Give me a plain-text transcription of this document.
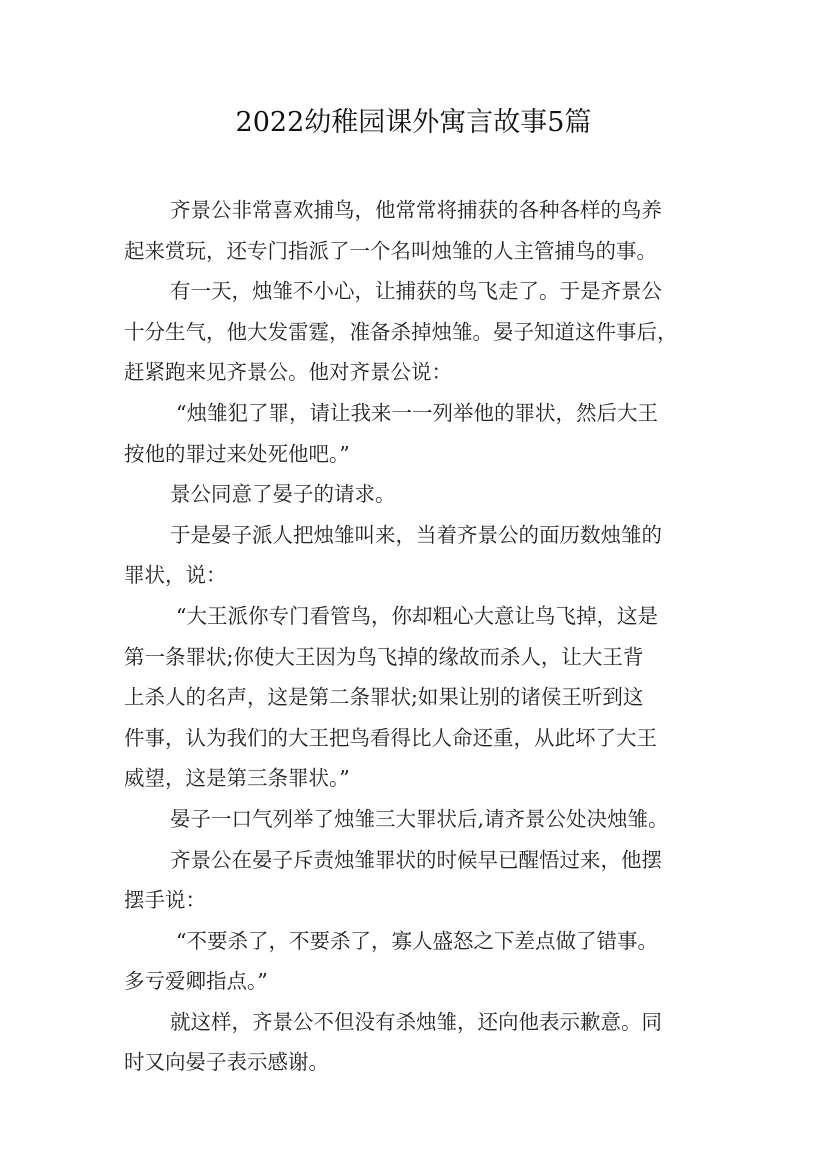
2022幼稚园课外寓言故事5篇
齐景公非常喜欢捕鸟，他常常将捕获的各种各样的鸟养
起来赏玩，还专门指派了一个名叫烛雏的人主管捕鸟的事。
有一天，烛雏不小心，让捕获的鸟飞走了。于是齐景公
十分生气，他大发雷霆，准备杀掉烛雏。晏子知道这件事后，
赶紧跑来见齐景公。他对齐景公说：
“烛雏犯了罪，请让我来一一列举他的罪状，然后大王
按他的罪过来处死他吧。”
景公同意了晏子的请求。
于是晏子派人把烛雏叫来，当着齐景公的面历数烛雏的
罪状，说：
“大王派你专门看管鸟，你却粗心大意让鸟飞掉，这是
第一条罪状;你使大王因为鸟飞掉的缘故而杀人，让大王背
上杀人的名声，这是第二条罪状;如果让别的诸侯王听到这
件事，认为我们的大王把鸟看得比人命还重，从此坏了大王
威望，这是第三条罪状。”
晏子一口气列举了烛雏三大罪状后,请齐景公处决烛雏。
齐景公在晏子斥责烛雏罪状的时候早已醒悟过来，他摆
摆手说：
“不要杀了，不要杀了，寡人盛怒之下差点做了错事。
多亏爱卿指点。”
就这样，齐景公不但没有杀烛雏，还向他表示歉意。同
时又向晏子表示感谢。
